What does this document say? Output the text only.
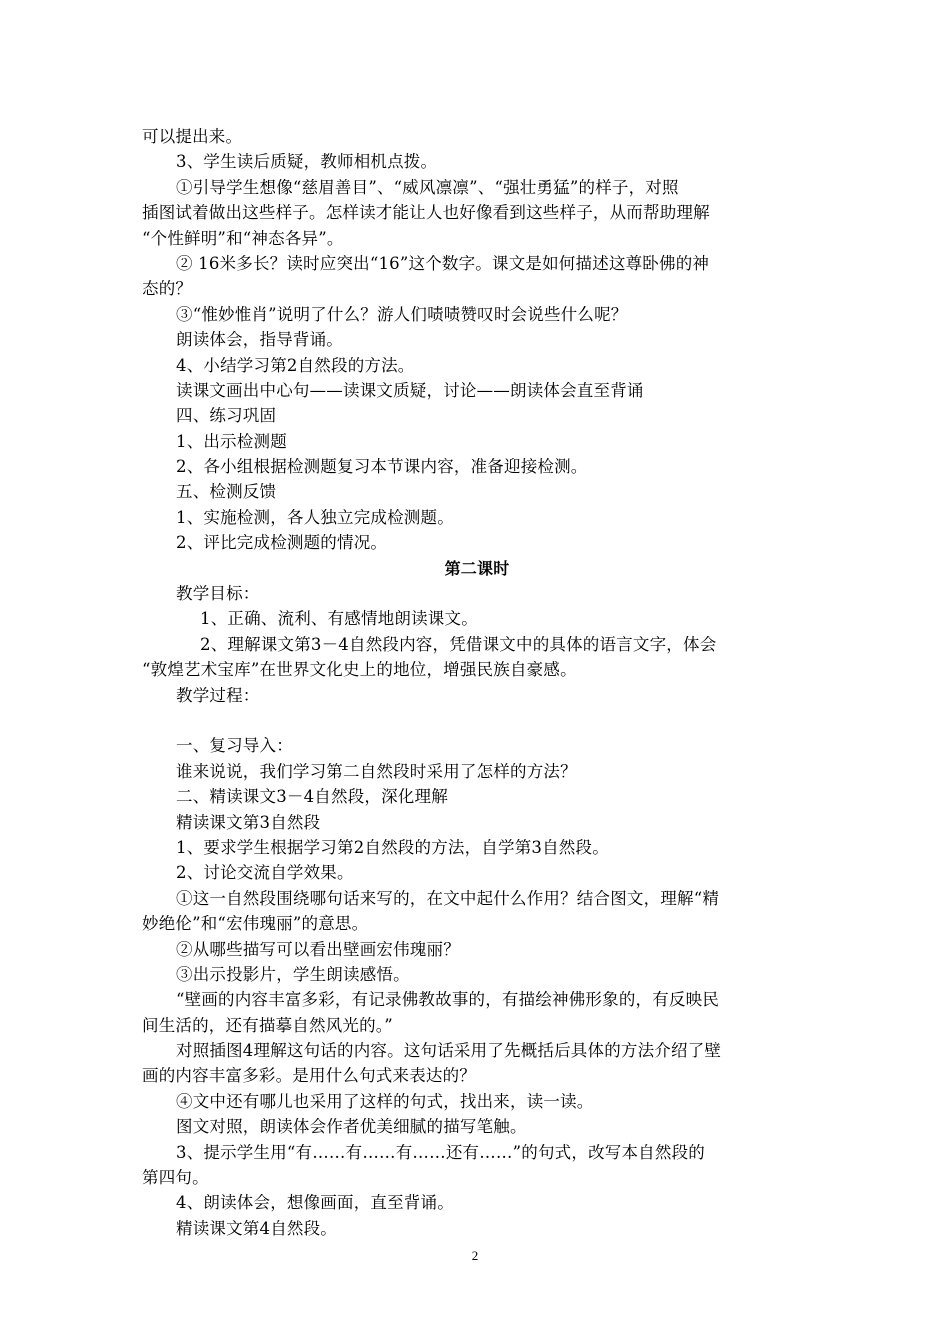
可以提出来。
3、学生读后质疑，教师相机点拨。
①引导学生想像“慈眉善目”、“威风凛凛”、“强壮勇猛”的样子，对照
插图试着做出这些样子。怎样读才能让人也好像看到这些样子，从而帮助理解
“个性鲜明”和“神态各异”。
② 16米多长？读时应突出“16”这个数字。课文是如何描述这尊卧佛的神
态的？
③“惟妙惟肖”说明了什么？游人们啧啧赞叹时会说些什么呢？
朗读体会，指导背诵。
4、小结学习第2自然段的方法。
读课文画出中心句——读课文质疑，讨论——朗读体会直至背诵
四、练习巩固
1、出示检测题
2、各小组根据检测题复习本节课内容，准备迎接检测。
五、检测反馈
1、实施检测，各人独立完成检测题。
2、评比完成检测题的情况。
第二课时
教学目标：
1、正确、流利、有感情地朗读课文。
2、理解课文第3－4自然段内容，凭借课文中的具体的语言文字，体会
“敦煌艺术宝库”在世界文化史上的地位，增强民族自豪感。
教学过程：
一、复习导入：
谁来说说，我们学习第二自然段时采用了怎样的方法？
二、精读课文3－4自然段，深化理解
精读课文第3自然段
1、要求学生根据学习第2自然段的方法，自学第3自然段。
2、讨论交流自学效果。
①这一自然段围绕哪句话来写的，在文中起什么作用？结合图文，理解“精
妙绝伦”和“宏伟瑰丽”的意思。
②从哪些描写可以看出壁画宏伟瑰丽？
③出示投影片，学生朗读感悟。
“壁画的内容丰富多彩，有记录佛教故事的，有描绘神佛形象的，有反映民
间生活的，还有描摹自然风光的。”
对照插图4理解这句话的内容。这句话采用了先概括后具体的方法介绍了壁
画的内容丰富多彩。是用什么句式来表达的？
④文中还有哪儿也采用了这样的句式，找出来，读一读。
图文对照，朗读体会作者优美细腻的描写笔触。
3、提示学生用“有……有……有……还有……”的句式，改写本自然段的
第四句。
4、朗读体会，想像画面，直至背诵。
精读课文第4自然段。
2
